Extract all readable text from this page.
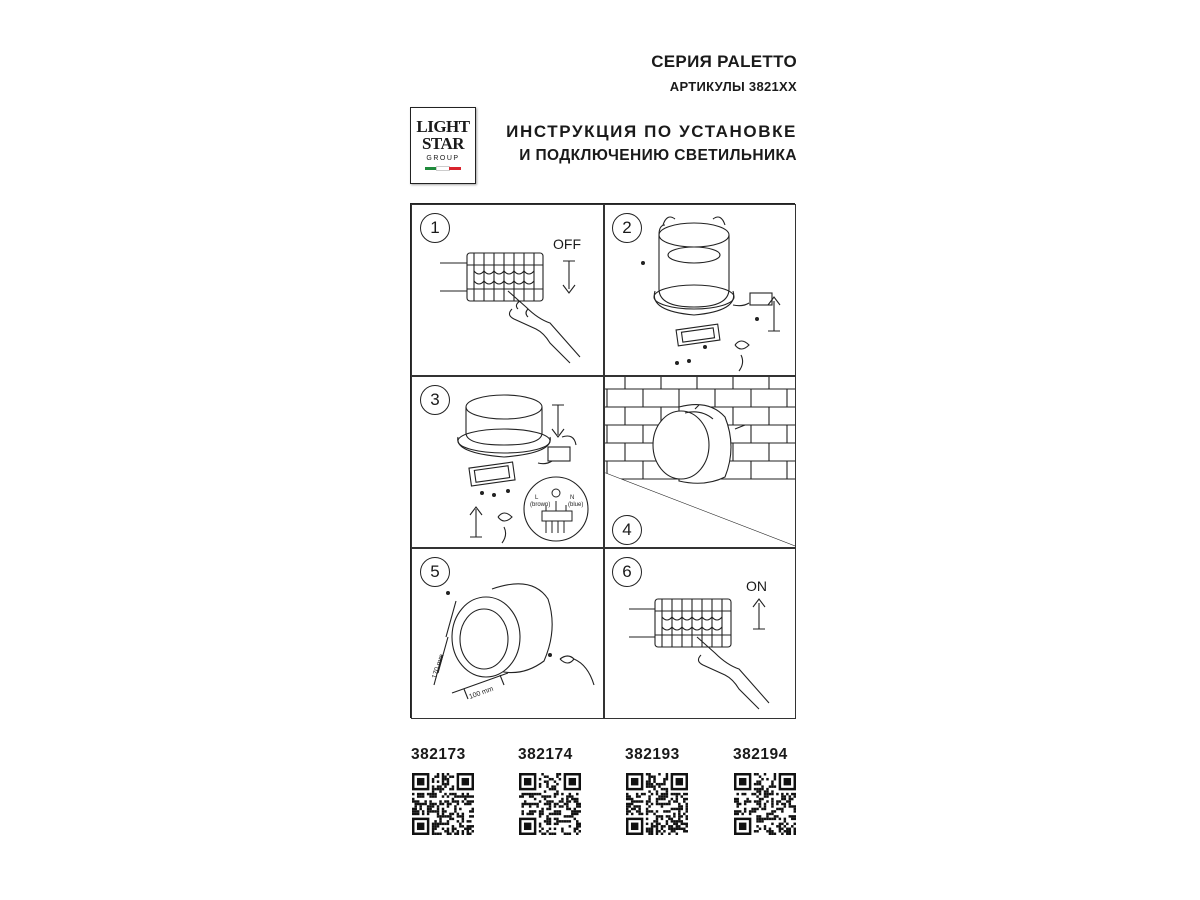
СЕРИЯ PALETTO
АРТИКУЛЫ 3821XX
ИНСТРУКЦИЯ ПО УСТАНОВКЕ
И ПОДКЛЮЧЕНИЮ СВЕТИЛЬНИКА
LIGHT
STAR
GROUP
1
OFF
2
3
L
(brown)
N
(blue)
4
5
170 mm
100 mm
6
ON
382173	382174	382193	382194
